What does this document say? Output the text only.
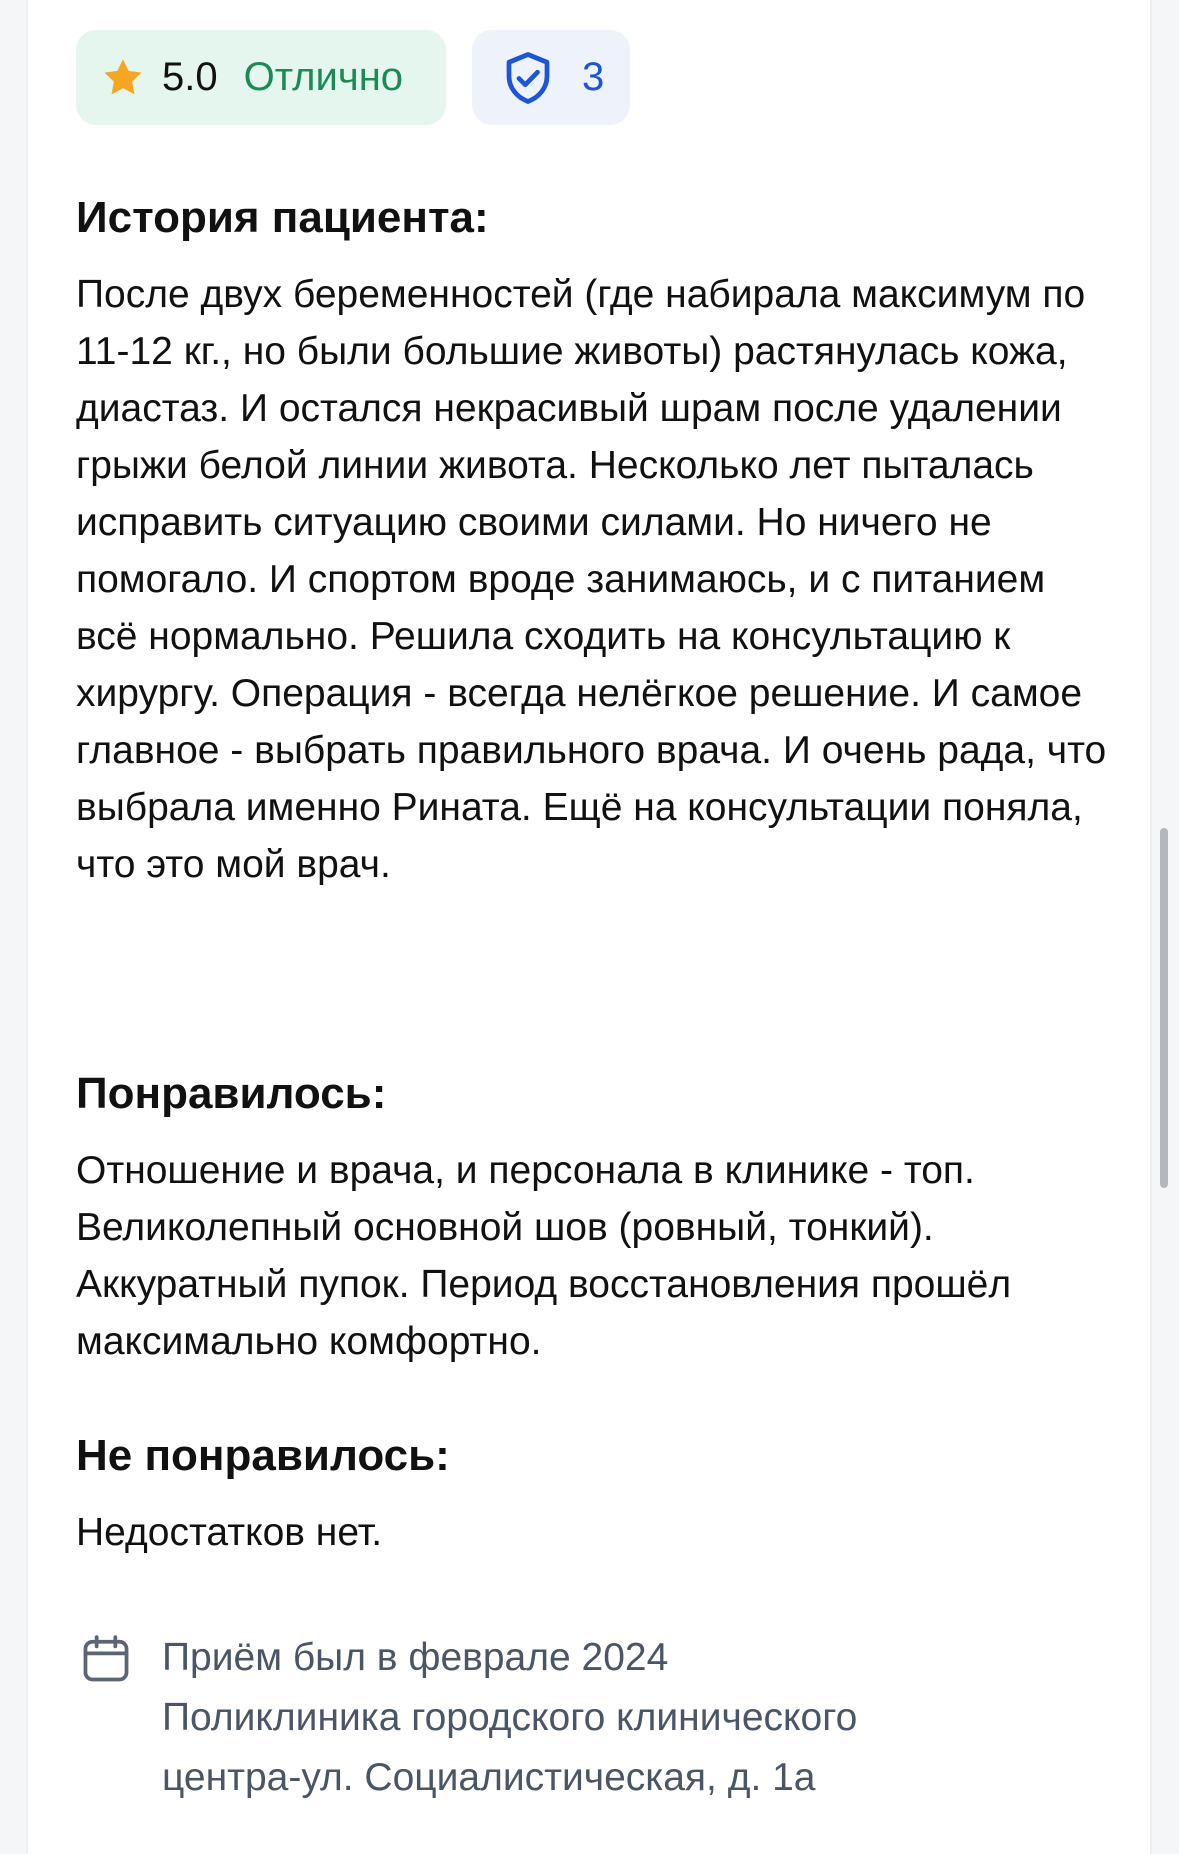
5.0 Отлично	3
История пациента:

После двух беременностей (где набирала максимум по 11-12 кг., но были большие животы) растянулась кожа, диастаз. И остался некрасивый шрам после удалении грыжи белой линии живота. Несколько лет пыталась исправить ситуацию своими силами. Но ничего не помогало. И спортом вроде занимаюсь, и с питанием всё нормально. Решила сходить на консультацию к хирургу. Операция - всегда нелёгкое решение. И самое главное - выбрать правильного врача. И очень рада, что выбрала именно Рината. Ещё на консультации поняла, что это мой врач.

Понравилось:

Отношение и врача, и персонала в клинике - топ. Великолепный основной шов (ровный, тонкий). Аккуратный пупок. Период восстановления прошёл максимально комфортно.

Не понравилось:

Недостатков нет.

Приём был в феврале 2024
Поликлиника городского клинического
центра-ул. Социалистическая, д. 1а
